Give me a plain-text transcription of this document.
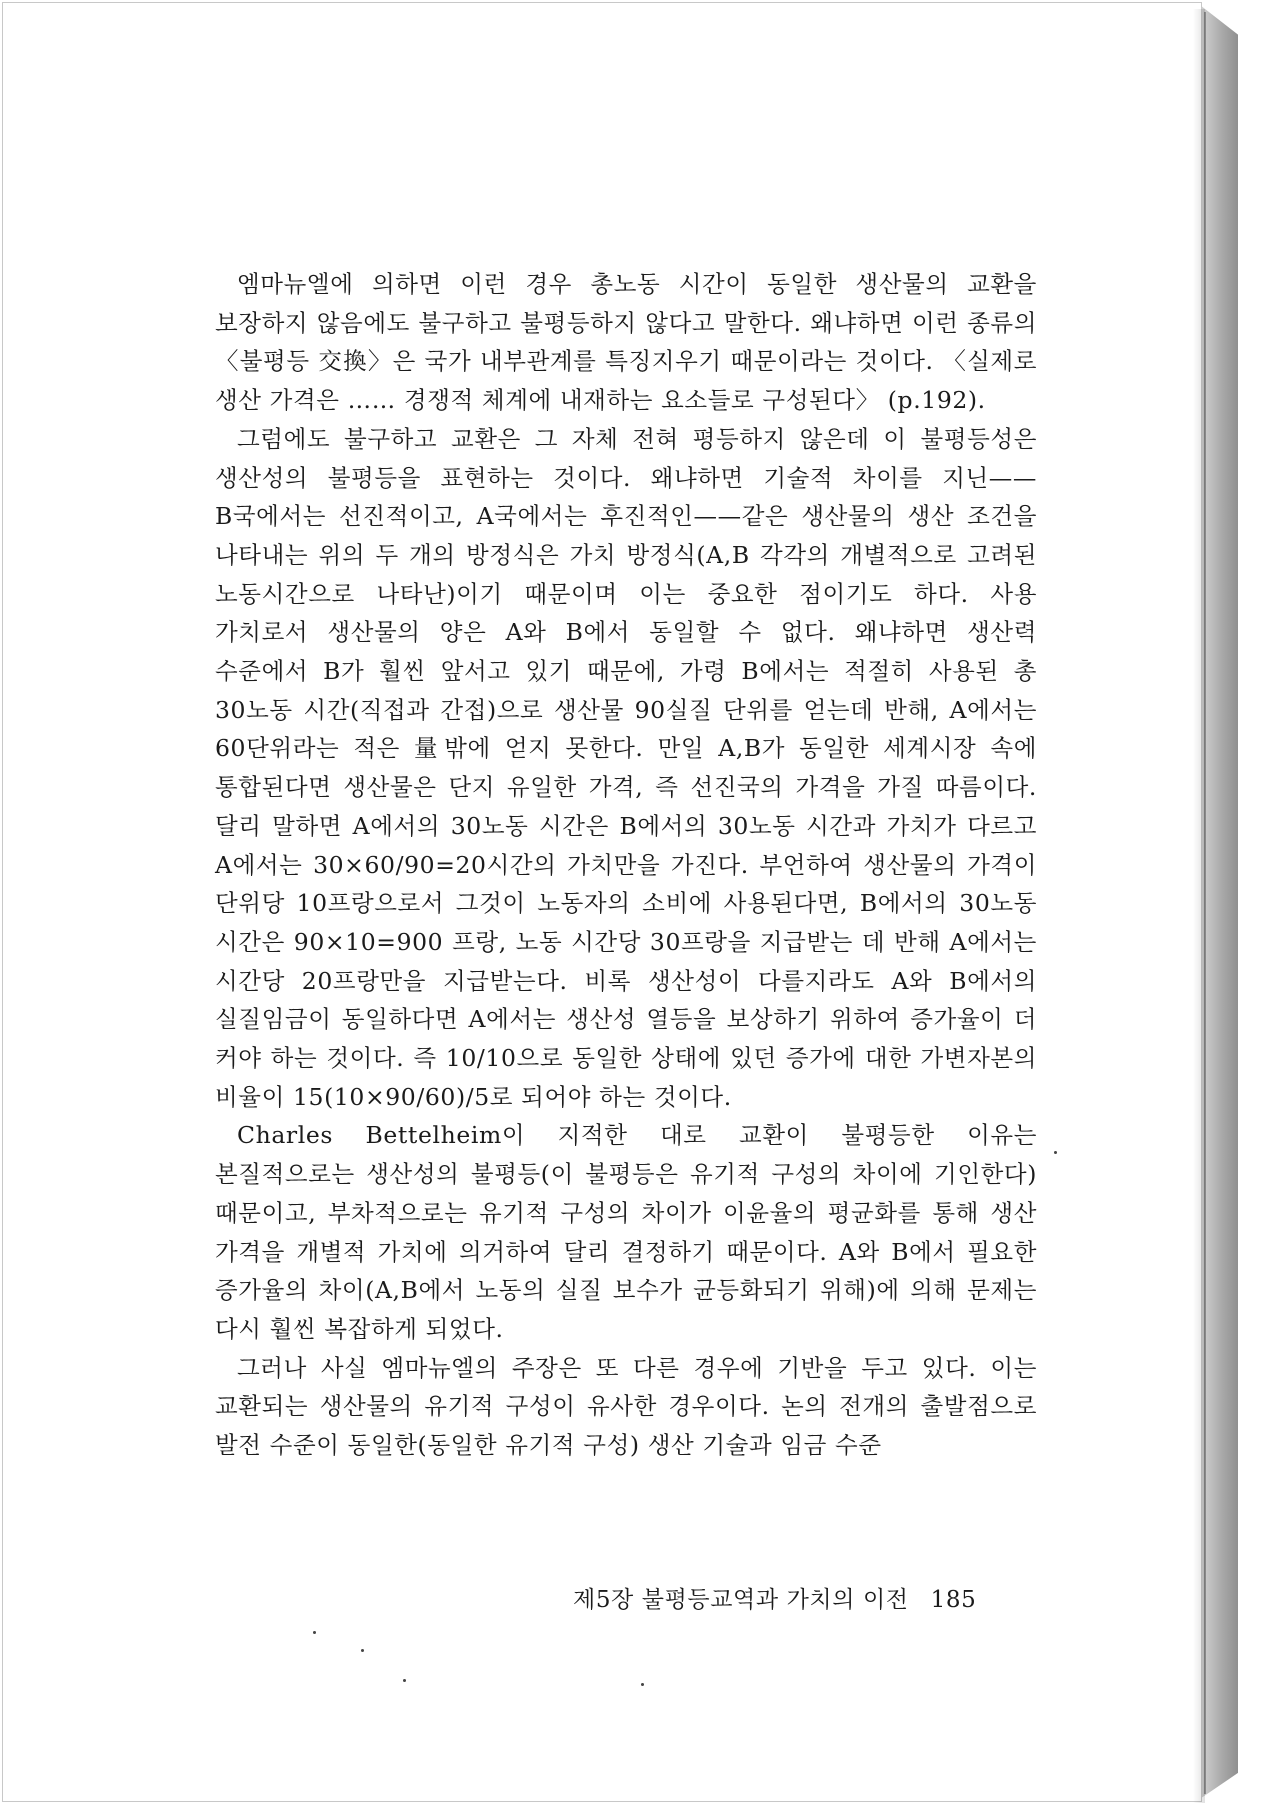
엠마뉴엘에 의하면 이런 경우 총노동 시간이 동일한 생산물의 교환을 보장하지 않음에도 불구하고 불평등하지 않다고 말한다. 왜냐하면 이런 종류의 〈불평등 交換〉은 국가 내부관계를 특징지우기 때문이라는 것이다. 〈실제로 생산 가격은 …… 경쟁적 체계에 내재하는 요소들로 구성된다〉 (p.192).

그럼에도 불구하고 교환은 그 자체 전혀 평등하지 않은데 이 불평등성은 생산성의 불평등을 표현하는 것이다. 왜냐하면 기술적 차이를 지닌—— B국에서는 선진적이고, A국에서는 후진적인——같은 생산물의 생산 조건을 나타내는 위의 두 개의 방정식은 가치 방정식(A,B 각각의 개별적으로 고려된 노동시간으로 나타난)이기 때문이며 이는 중요한 점이기도 하다. 사용 가치로서 생산물의 양은 A와 B에서 동일할 수 없다. 왜냐하면 생산력 수준에서 B가 훨씬 앞서고 있기 때문에, 가령 B에서는 적절히 사용된 총 30노동 시간(직접과 간접)으로 생산물 90실질 단위를 얻는데 반해, A에서는 60단위라는 적은 量밖에 얻지 못한다. 만일 A,B가 동일한 세계시장 속에 통합된다면 생산물은 단지 유일한 가격, 즉 선진국의 가격을 가질 따름이다. 달리 말하면 A에서의 30노동 시간은 B에서의 30노동 시간과 가치가 다르고 A에서는 30×60/90=20시간의 가치만을 가진다. 부언하여 생산물의 가격이 단위당 10프랑으로서 그것이 노동자의 소비에 사용된다면, B에서의 30노동 시간은 90×10=900 프랑, 노동 시간당 30프랑을 지급받는 데 반해 A에서는 시간당 20프랑만을 지급받는다. 비록 생산성이 다를지라도 A와 B에서의 실질임금이 동일하다면 A에서는 생산성 열등을 보상하기 위하여 증가율이 더 커야 하는 것이다. 즉 10/10으로 동일한 상태에 있던 증가에 대한 가변자본의 비율이 15(10×90/60)/5로 되어야 하는 것이다.

Charles Bettelheim이 지적한 대로 교환이 불평등한 이유는 본질적으로는 생산성의 불평등(이 불평등은 유기적 구성의 차이에 기인한다) 때문이고, 부차적으로는 유기적 구성의 차이가 이윤율의 평균화를 통해 생산 가격을 개별적 가치에 의거하여 달리 결정하기 때문이다. A와 B에서 필요한 증가율의 차이(A,B에서 노동의 실질 보수가 균등화되기 위해)에 의해 문제는 다시 훨씬 복잡하게 되었다.

그러나 사실 엠마뉴엘의 주장은 또 다른 경우에 기반을 두고 있다. 이는 교환되는 생산물의 유기적 구성이 유사한 경우이다. 논의 전개의 출발점으로 발전 수준이 동일한(동일한 유기적 구성) 생산 기술과 임금 수준

제5장 불평등교역과 가치의 이전 185
